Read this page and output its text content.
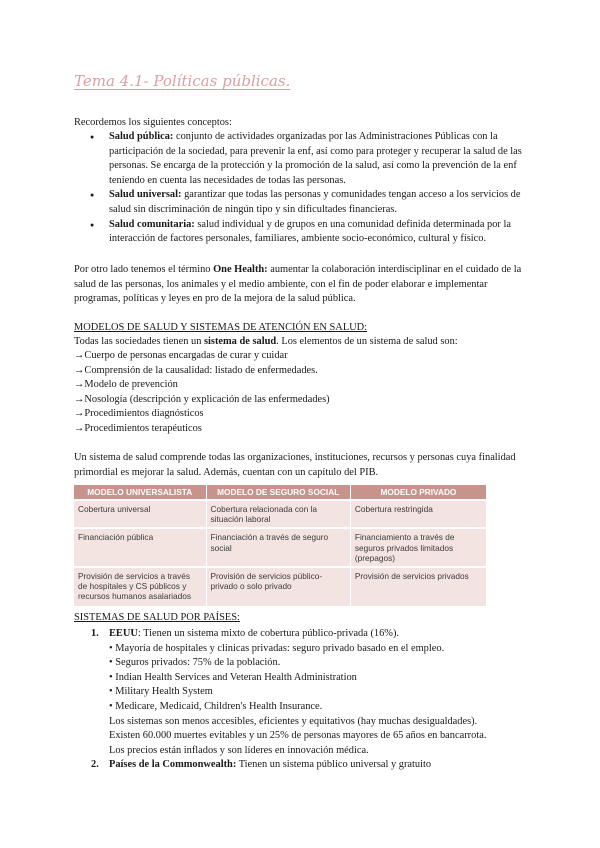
Tema 4.1- Políticas públicas.

Recordemos los siguientes conceptos:

● Salud pública: conjunto de actividades organizadas por las Administraciones Públicas con la participación de la sociedad, para prevenir la enf, así como para proteger y recuperar la salud de las personas. Se encarga de la protección y la promoción de la salud, así como la prevención de la enf teniendo en cuenta las necesidades de todas las personas.
● Salud universal: garantizar que todas las personas y comunidades tengan acceso a los servicios de salud sin discriminación de ningún tipo y sin dificultades financieras.
● Salud comunitaria: salud individual y de grupos en una comunidad definida determinada por la interacción de factores personales, familiares, ambiente socio-económico, cultural y físico.

Por otro lado tenemos el término One Health: aumentar la colaboración interdisciplinar en el cuidado de la salud de las personas, los animales y el medio ambiente, con el fin de poder elaborar e implementar programas, políticas y leyes en pro de la mejora de la salud pública.

MODELOS DE SALUD Y SISTEMAS DE ATENCIÓN EN SALUD:

Todas las sociedades tienen un sistema de salud. Los elementos de un sistema de salud son:

→Cuerpo de personas encargadas de curar y cuidar
→Comprensión de la causalidad: listado de enfermedades.
→Modelo de prevención
→Nosología (descripción y explicación de las enfermedades)
→Procedimientos diagnósticos
→Procedimientos terapéuticos

Un sistema de salud comprende todas las organizaciones, instituciones, recursos y personas cuya finalidad primordial es mejorar la salud. Además, cuentan con un capítulo del PIB.

MODELO UNIVERSALISTA	MODELO DE SEGURO SOCIAL	MODELO PRIVADO
Cobertura universal	Cobertura relacionada con la situación laboral	Cobertura restringida
Financiación pública	Financiación a través de seguro social	Financiamiento a través de seguros privados limitados (prepagos)
Provisión de servicios a través de hospitales y CS públicos y recursos humanos asalariados	Provisión de servicios público-privado o solo privado	Provisión de servicios privados
SISTEMAS DE SALUD POR PAÍSES:
1. EEUU: Tienen un sistema mixto de cobertura público-privada (16%).
• Mayoría de hospitales y clínicas privadas: seguro privado basado en el empleo.
• Seguros privados: 75% de la población.
• Indian Health Services and Veteran Health Administration
• Military Health System
• Medicare, Medicaid, Children's Health Insurance.
Los sistemas son menos accesibles, eficientes y equitativos (hay muchas desigualdades).
Existen 60.000 muertes evitables y un 25% de personas mayores de 65 años en bancarrota.
Los precios están inflados y son líderes en innovación médica.
2. Países de la Commonwealth: Tienen un sistema público universal y gratuito
